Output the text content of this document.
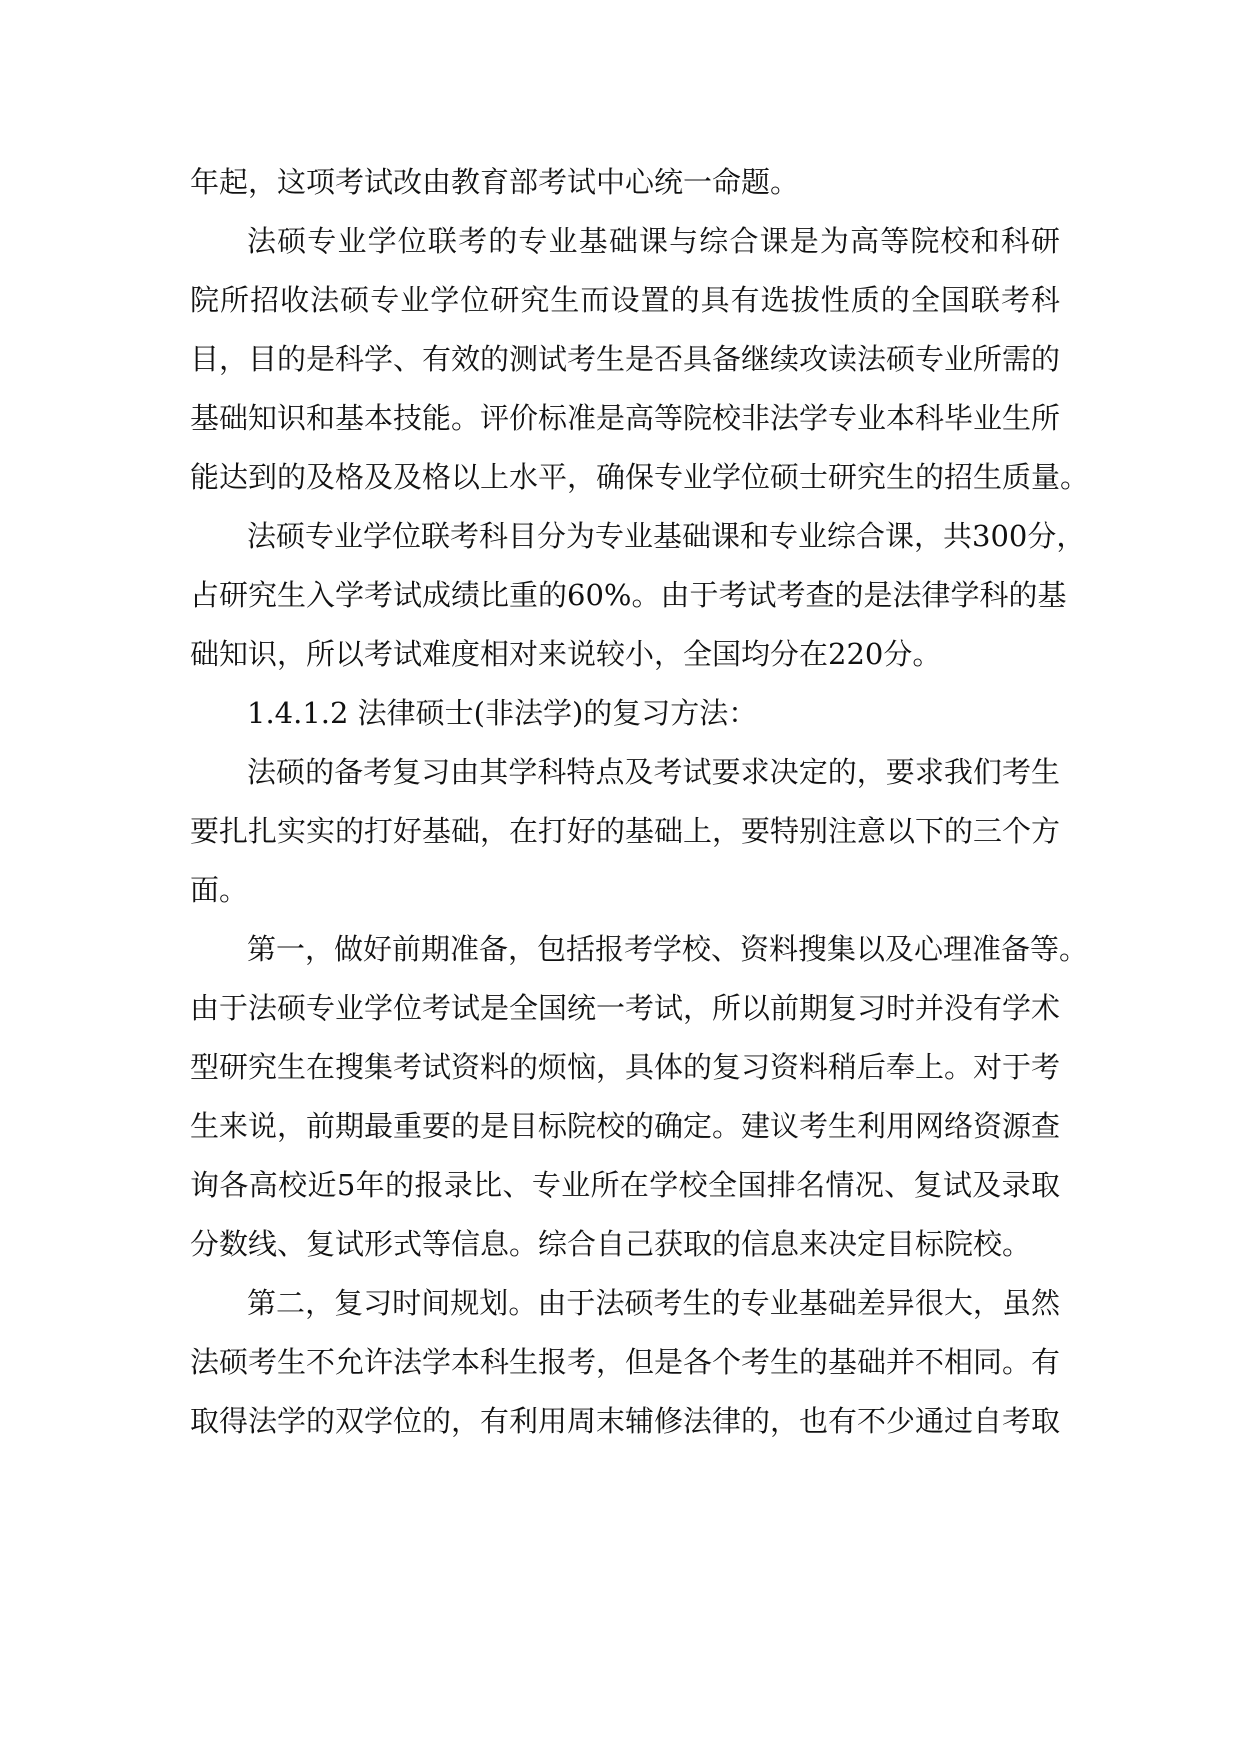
年起，这项考试改由教育部考试中心统一命题。
法硕专业学位联考的专业基础课与综合课是为高等院校和科研
院所招收法硕专业学位研究生而设置的具有选拔性质的全国联考科
目，目的是科学、有效的测试考生是否具备继续攻读法硕专业所需的
基础知识和基本技能。评价标准是高等院校非法学专业本科毕业生所
能达到的及格及及格以上水平，确保专业学位硕士研究生的招生质量。
法硕专业学位联考科目分为专业基础课和专业综合课，共300分，
占研究生入学考试成绩比重的60%。由于考试考查的是法律学科的基
础知识，所以考试难度相对来说较小，全国均分在220分。
1.4.1.2 法律硕士(非法学)的复习方法：
法硕的备考复习由其学科特点及考试要求决定的，要求我们考生
要扎扎实实的打好基础，在打好的基础上，要特别注意以下的三个方
面。
第一，做好前期准备，包括报考学校、资料搜集以及心理准备等。
由于法硕专业学位考试是全国统一考试，所以前期复习时并没有学术
型研究生在搜集考试资料的烦恼，具体的复习资料稍后奉上。对于考
生来说，前期最重要的是目标院校的确定。建议考生利用网络资源查
询各高校近5年的报录比、专业所在学校全国排名情况、复试及录取
分数线、复试形式等信息。综合自己获取的信息来决定目标院校。
第二，复习时间规划。由于法硕考生的专业基础差异很大，虽然
法硕考生不允许法学本科生报考，但是各个考生的基础并不相同。有
取得法学的双学位的，有利用周末辅修法律的，也有不少通过自考取
